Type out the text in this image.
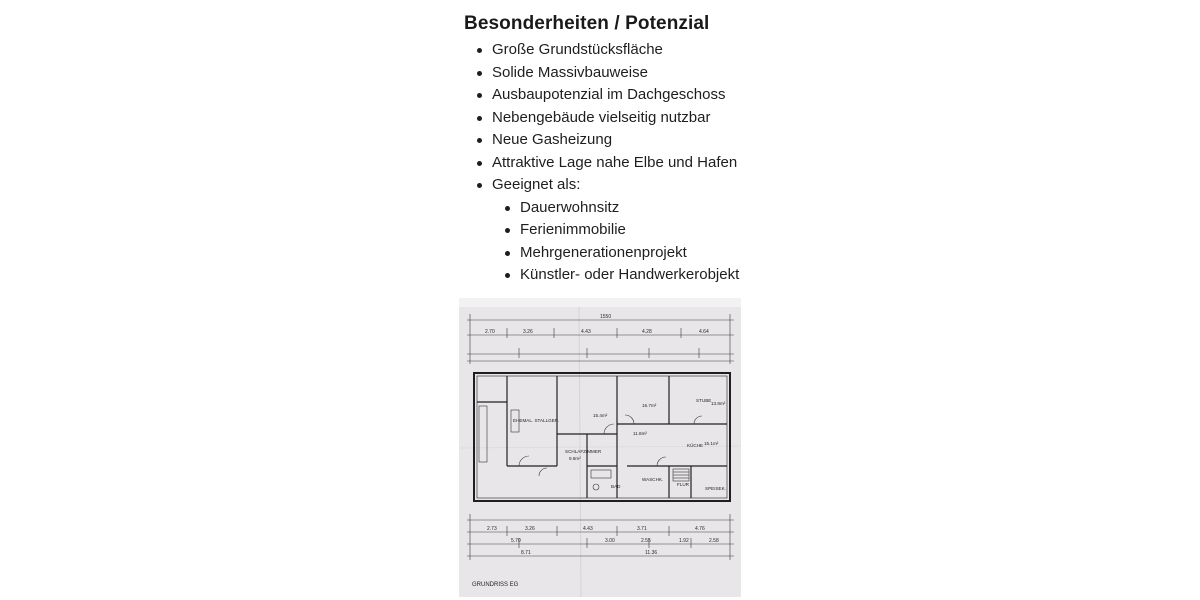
Besonderheiten / Potenzial
Große Grundstücksfläche
Solide Massivbauweise
Ausbaupotenzial im Dachgeschoss
Nebengebäude vielseitig nutzbar
Neue Gasheizung
Attraktive Lage nahe Elbe und Hafen
Geeignet als:
Dauerwohnsitz
Ferienimmobilie
Mehrgenerationenprojekt
Künstler- oder Handwerkerobjekt
1550
2.70	3.26	4.43	4.28	4.64
EHEMAL. STALLGER.
SCHLAFZIMMER
9.8m²
15.4m²
16.7m²
STUBE
13.8m²
11.8m²
KÜCHE 15.1m²
BAD
WASCHK.
FLUR
SPEISEK.
2.73	3.26	4.43	3.71	4.76
5.70	3.00	2.55	1.92	2.58
8.71	11.36
GRUNDRISS EG
